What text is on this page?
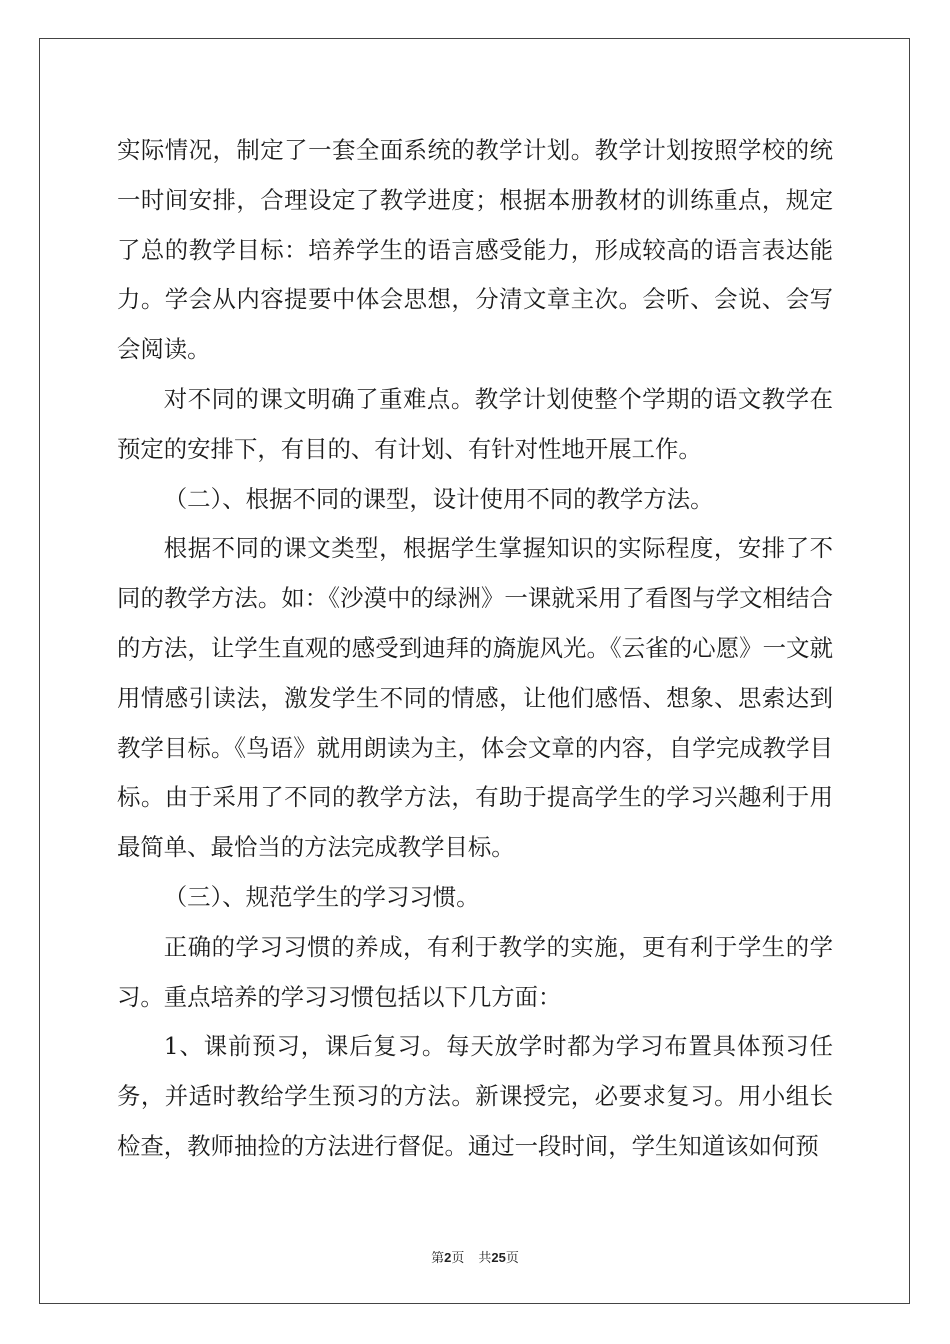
实际情况，制定了一套全面系统的教学计划。教学计划按照学校的统一时间安排，合理设定了教学进度；根据本册教材的训练重点，规定了总的教学目标：培养学生的语言感受能力，形成较高的语言表达能力。学会从内容提要中体会思想，分清文章主次。会听、会说、会写会阅读。

对不同的课文明确了重难点。教学计划使整个学期的语文教学在预定的安排下，有目的、有计划、有针对性地开展工作。

（二）、根据不同的课型，设计使用不同的教学方法。

根据不同的课文类型，根据学生掌握知识的实际程度，安排了不同的教学方法。如：《沙漠中的绿洲》一课就采用了看图与学文相结合的方法，让学生直观的感受到迪拜的旖旎风光。《云雀的心愿》一文就用情感引读法，激发学生不同的情感，让他们感悟、想象、思索达到教学目标。《鸟语》就用朗读为主，体会文章的内容，自学完成教学目标。由于采用了不同的教学方法，有助于提高学生的学习兴趣利于用最简单、最恰当的方法完成教学目标。

（三）、规范学生的学习习惯。

正确的学习习惯的养成，有利于教学的实施，更有利于学生的学习。重点培养的学习习惯包括以下几方面：

1、课前预习，课后复习。每天放学时都为学习布置具体预习任务，并适时教给学生预习的方法。新课授完，必要求复习。用小组长检查，教师抽捡的方法进行督促。通过一段时间，学生知道该如何预

第2页 共25页
